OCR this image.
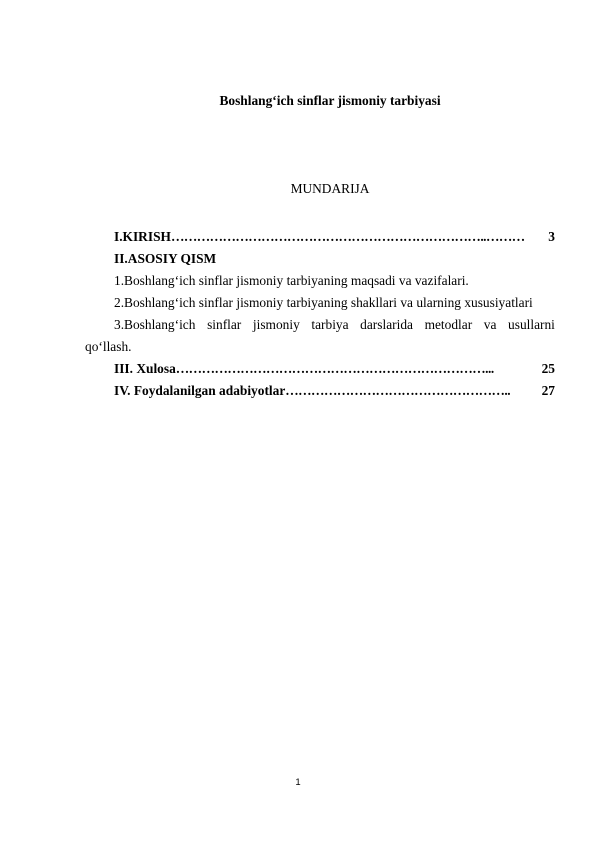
Boshlang‘ich sinflar jismoniy tarbiyasi
MUNDARIJA
I.KIRISH ………………………………………………………………..………	3
II.ASOSIY QISM
1.Boshlang‘ich sinflar jismoniy tarbiyaning maqsadi va vazifalari.
2.Boshlang‘ich sinflar jismoniy tarbiyaning shakllari va ularning xususiyatlari
3.Boshlang‘ich sinflar jismoniy tarbiya darslarida metodlar va usullarni
qo‘llash.
III. Xulosa ………………………………………………………………...	25
IV. Foydalanilgan adabiyotlar ……………………………………………..	27
1
